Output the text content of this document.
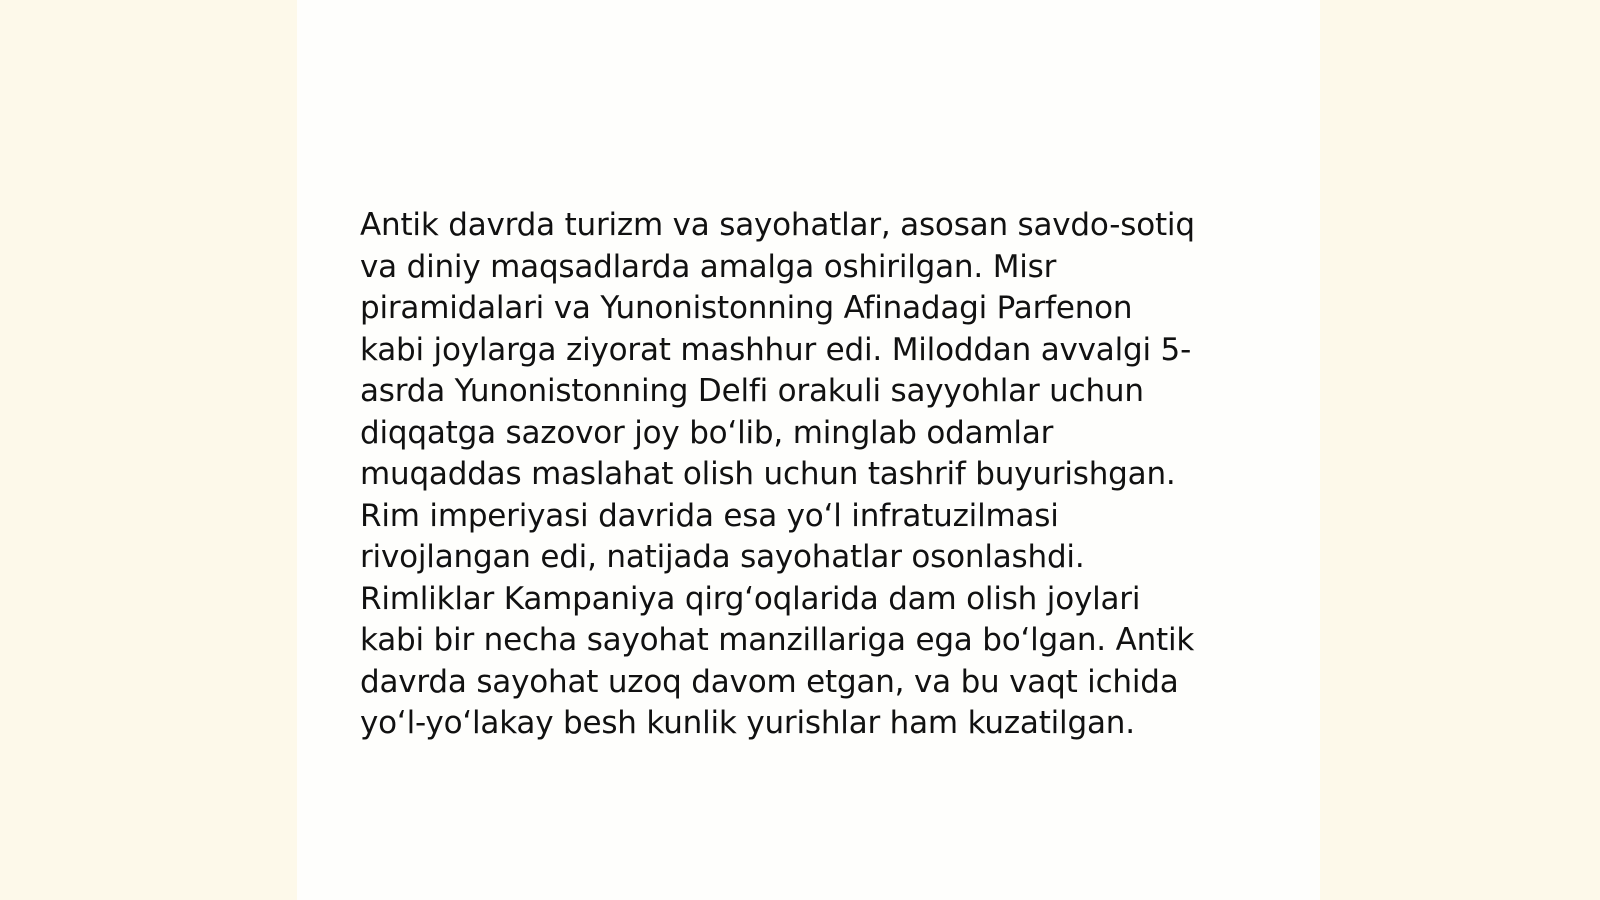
Antik davrda turizm va sayohatlar, asosan savdo-sotiq
va diniy maqsadlarda amalga oshirilgan. Misr
piramidalari va Yunonistonning Afinadagi Parfenon
kabi joylarga ziyorat mashhur edi. Miloddan avvalgi 5-
asrda Yunonistonning Delfi orakuli sayyohlar uchun
diqqatga sazovor joy bo‘lib, minglab odamlar
muqaddas maslahat olish uchun tashrif buyurishgan.
Rim imperiyasi davrida esa yo‘l infratuzilmasi
rivojlangan edi, natijada sayohatlar osonlashdi.
Rimliklar Kampaniya qirg‘oqlarida dam olish joylari
kabi bir necha sayohat manzillariga ega bo‘lgan. Antik
davrda sayohat uzoq davom etgan, va bu vaqt ichida
yo‘l-yo‘lakay besh kunlik yurishlar ham kuzatilgan.
